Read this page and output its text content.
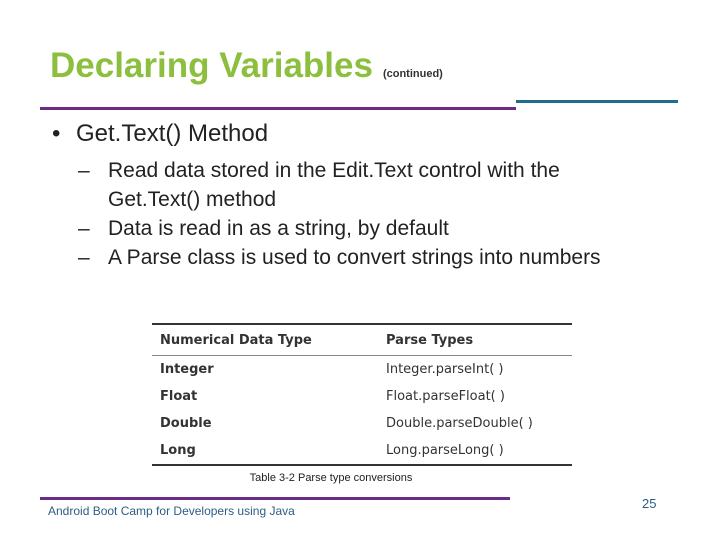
Declaring Variables (continued)
• Get.Text() Method
– Read data stored in the Edit.Text control with the Get.Text() method
– Data is read in as a string, by default
– A Parse class is used to convert strings into numbers
Numerical Data Type	Parse Types
Integer	Integer.parseInt( )
Float	Float.parseFloat( )
Double	Double.parseDouble( )
Long	Long.parseLong( )
Table 3-2 Parse type conversions
Android Boot Camp for Developers using Java	25
